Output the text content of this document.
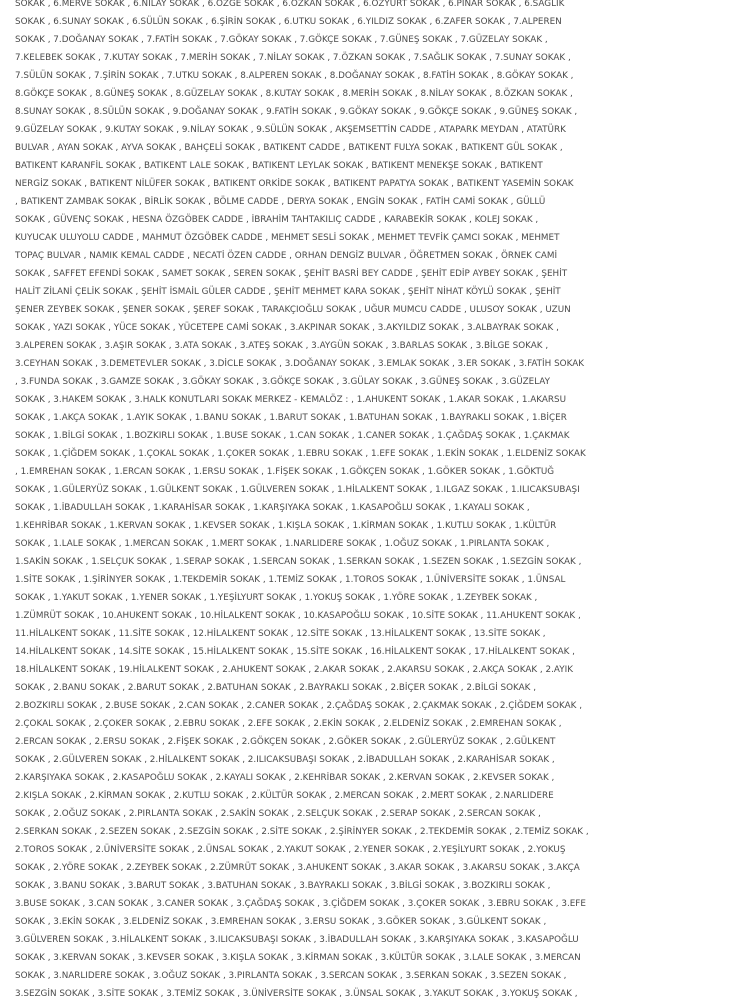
SOKAK , 6.MERVE SOKAK , 6.NİLAY SOKAK , 6.ÖZGE SOKAK , 6.ÖZKAN SOKAK , 6.ÖZYURT SOKAK , 6.PINAR SOKAK , 6.SAĞLIK
SOKAK , 6.SUNAY SOKAK , 6.SÜLÜN SOKAK , 6.ŞİRİN SOKAK , 6.UTKU SOKAK , 6.YILDIZ SOKAK , 6.ZAFER SOKAK , 7.ALPEREN
SOKAK , 7.DOĞANAY SOKAK , 7.FATİH SOKAK , 7.GÖKAY SOKAK , 7.GÖKÇE SOKAK , 7.GÜNEŞ SOKAK , 7.GÜZELAY SOKAK ,
7.KELEBEK SOKAK , 7.KUTAY SOKAK , 7.MERİH SOKAK , 7.NİLAY SOKAK , 7.ÖZKAN SOKAK , 7.SAĞLIK SOKAK , 7.SUNAY SOKAK ,
7.SÜLÜN SOKAK , 7.ŞİRİN SOKAK , 7.UTKU SOKAK , 8.ALPEREN SOKAK , 8.DOĞANAY SOKAK , 8.FATİH SOKAK , 8.GÖKAY SOKAK ,
8.GÖKÇE SOKAK , 8.GÜNEŞ SOKAK , 8.GÜZELAY SOKAK , 8.KUTAY SOKAK , 8.MERİH SOKAK , 8.NİLAY SOKAK , 8.ÖZKAN SOKAK ,
8.SUNAY SOKAK , 8.SÜLÜN SOKAK , 9.DOĞANAY SOKAK , 9.FATİH SOKAK , 9.GÖKAY SOKAK , 9.GÖKÇE SOKAK , 9.GÜNEŞ SOKAK ,
9.GÜZELAY SOKAK , 9.KUTAY SOKAK , 9.NİLAY SOKAK , 9.SÜLÜN SOKAK , AKŞEMSETTİN CADDE , ATAPARK MEYDAN , ATATÜRK
BULVAR , AYAN SOKAK , AYVA SOKAK , BAHÇELİ SOKAK , BATIKENT CADDE , BATIKENT FULYA SOKAK , BATIKENT GÜL SOKAK ,
BATIKENT KARANFİL SOKAK , BATIKENT LALE SOKAK , BATIKENT LEYLAK SOKAK , BATIKENT MENEKŞE SOKAK , BATIKENT
NERGİZ SOKAK , BATIKENT NİLÜFER SOKAK , BATIKENT ORKİDE SOKAK , BATIKENT PAPATYA SOKAK , BATIKENT YASEMİN SOKAK
, BATIKENT ZAMBAK SOKAK , BİRLİK SOKAK , BÖLME CADDE , DERYA SOKAK , ENGİN SOKAK , FATİH CAMİ SOKAK , GÜLLÜ
SOKAK , GÜVENÇ SOKAK , HESNA ÖZGÖBEK CADDE , İBRAHİM TAHTAKILIÇ CADDE , KARABEKİR SOKAK , KOLEJ SOKAK ,
KUYUCAK ULUYOLU CADDE , MAHMUT ÖZGÖBEK CADDE , MEHMET SESLİ SOKAK , MEHMET TEVFİK ÇAMCI SOKAK , MEHMET
TOPAÇ BULVAR , NAMIK KEMAL CADDE , NECATİ ÖZEN CADDE , ORHAN DENGİZ BULVAR , ÖĞRETMEN SOKAK , ÖRNEK CAMİ
SOKAK , SAFFET EFENDİ SOKAK , SAMET SOKAK , SEREN SOKAK , ŞEHİT BASRİ BEY CADDE , ŞEHİT EDİP AYBEY SOKAK , ŞEHİT
HALİT ZİLANİ ÇELİK SOKAK , ŞEHİT İSMAİL GÜLER CADDE , ŞEHİT MEHMET KARA SOKAK , ŞEHİT NİHAT KÖYLÜ SOKAK , ŞEHİT
ŞENER ZEYBEK SOKAK , ŞENER SOKAK , ŞEREF SOKAK , TARAKÇIOĞLU SOKAK , UĞUR MUMCU CADDE , ULUSOY SOKAK , UZUN
SOKAK , YAZI SOKAK , YÜCE SOKAK , YÜCETEPE CAMİ SOKAK , 3.AKPINAR SOKAK , 3.AKYILDIZ SOKAK , 3.ALBAYRAK SOKAK ,
3.ALPEREN SOKAK , 3.AŞIR SOKAK , 3.ATA SOKAK , 3.ATEŞ SOKAK , 3.AYGÜN SOKAK , 3.BARLAS SOKAK , 3.BİLGE SOKAK ,
3.CEYHAN SOKAK , 3.DEMETEVLER SOKAK , 3.DİCLE SOKAK , 3.DOĞANAY SOKAK , 3.EMLAK SOKAK , 3.ER SOKAK , 3.FATİH SOKAK
, 3.FUNDA SOKAK , 3.GAMZE SOKAK , 3.GÖKAY SOKAK , 3.GÖKÇE SOKAK , 3.GÜLAY SOKAK , 3.GÜNEŞ SOKAK , 3.GÜZELAY
SOKAK , 3.HAKEM SOKAK , 3.HALK KONUTLARI SOKAK MERKEZ - KEMALÖZ : , 1.AHUKENT SOKAK , 1.AKAR SOKAK , 1.AKARSU
SOKAK , 1.AKÇA SOKAK , 1.AYIK SOKAK , 1.BANU SOKAK , 1.BARUT SOKAK , 1.BATUHAN SOKAK , 1.BAYRAKLI SOKAK , 1.BİÇER
SOKAK , 1.BİLGİ SOKAK , 1.BOZKIRLI SOKAK , 1.BUSE SOKAK , 1.CAN SOKAK , 1.CANER SOKAK , 1.ÇAĞDAŞ SOKAK , 1.ÇAKMAK
SOKAK , 1.ÇİĞDEM SOKAK , 1.ÇOKAL SOKAK , 1.ÇOKER SOKAK , 1.EBRU SOKAK , 1.EFE SOKAK , 1.EKİN SOKAK , 1.ELDENİZ SOKAK
, 1.EMREHAN SOKAK , 1.ERCAN SOKAK , 1.ERSU SOKAK , 1.FİŞEK SOKAK , 1.GÖKÇEN SOKAK , 1.GÖKER SOKAK , 1.GÖKTUĞ
SOKAK , 1.GÜLERYÜZ SOKAK , 1.GÜLKENT SOKAK , 1.GÜLVEREN SOKAK , 1.HİLALKENT SOKAK , 1.ILGAZ SOKAK , 1.ILICAKSUBAŞI
SOKAK , 1.İBADULLAH SOKAK , 1.KARAHİSAR SOKAK , 1.KARŞIYAKA SOKAK , 1.KASAPOĞLU SOKAK , 1.KAYALI SOKAK ,
1.KEHRİBAR SOKAK , 1.KERVAN SOKAK , 1.KEVSER SOKAK , 1.KIŞLA SOKAK , 1.KİRMAN SOKAK , 1.KUTLU SOKAK , 1.KÜLTÜR
SOKAK , 1.LALE SOKAK , 1.MERCAN SOKAK , 1.MERT SOKAK , 1.NARLIDERE SOKAK , 1.OĞUZ SOKAK , 1.PIRLANTA SOKAK ,
1.SAKİN SOKAK , 1.SELÇUK SOKAK , 1.SERAP SOKAK , 1.SERCAN SOKAK , 1.SERKAN SOKAK , 1.SEZEN SOKAK , 1.SEZGİN SOKAK ,
1.SİTE SOKAK , 1.ŞİRİNYER SOKAK , 1.TEKDEMİR SOKAK , 1.TEMİZ SOKAK , 1.TOROS SOKAK , 1.ÜNİVERSİTE SOKAK , 1.ÜNSAL
SOKAK , 1.YAKUT SOKAK , 1.YENER SOKAK , 1.YEŞİLYURT SOKAK , 1.YOKUŞ SOKAK , 1.YÖRE SOKAK , 1.ZEYBEK SOKAK ,
1.ZÜMRÜT SOKAK , 10.AHUKENT SOKAK , 10.HİLALKENT SOKAK , 10.KASAPOĞLU SOKAK , 10.SİTE SOKAK , 11.AHUKENT SOKAK ,
11.HİLALKENT SOKAK , 11.SİTE SOKAK , 12.HİLALKENT SOKAK , 12.SİTE SOKAK , 13.HİLALKENT SOKAK , 13.SİTE SOKAK ,
14.HİLALKENT SOKAK , 14.SİTE SOKAK , 15.HİLALKENT SOKAK , 15.SİTE SOKAK , 16.HİLALKENT SOKAK , 17.HİLALKENT SOKAK ,
18.HİLALKENT SOKAK , 19.HİLALKENT SOKAK , 2.AHUKENT SOKAK , 2.AKAR SOKAK , 2.AKARSU SOKAK , 2.AKÇA SOKAK , 2.AYIK
SOKAK , 2.BANU SOKAK , 2.BARUT SOKAK , 2.BATUHAN SOKAK , 2.BAYRAKLI SOKAK , 2.BİÇER SOKAK , 2.BİLGİ SOKAK ,
2.BOZKIRLI SOKAK , 2.BUSE SOKAK , 2.CAN SOKAK , 2.CANER SOKAK , 2.ÇAĞDAŞ SOKAK , 2.ÇAKMAK SOKAK , 2.ÇİĞDEM SOKAK ,
2.ÇOKAL SOKAK , 2.ÇOKER SOKAK , 2.EBRU SOKAK , 2.EFE SOKAK , 2.EKİN SOKAK , 2.ELDENİZ SOKAK , 2.EMREHAN SOKAK ,
2.ERCAN SOKAK , 2.ERSU SOKAK , 2.FİŞEK SOKAK , 2.GÖKÇEN SOKAK , 2.GÖKER SOKAK , 2.GÜLERYÜZ SOKAK , 2.GÜLKENT
SOKAK , 2.GÜLVEREN SOKAK , 2.HİLALKENT SOKAK , 2.ILICAKSUBAŞI SOKAK , 2.İBADULLAH SOKAK , 2.KARAHİSAR SOKAK ,
2.KARŞIYAKA SOKAK , 2.KASAPOĞLU SOKAK , 2.KAYALI SOKAK , 2.KEHRİBAR SOKAK , 2.KERVAN SOKAK , 2.KEVSER SOKAK ,
2.KIŞLA SOKAK , 2.KİRMAN SOKAK , 2.KUTLU SOKAK , 2.KÜLTÜR SOKAK , 2.MERCAN SOKAK , 2.MERT SOKAK , 2.NARLIDERE
SOKAK , 2.OĞUZ SOKAK , 2.PIRLANTA SOKAK , 2.SAKİN SOKAK , 2.SELÇUK SOKAK , 2.SERAP SOKAK , 2.SERCAN SOKAK ,
2.SERKAN SOKAK , 2.SEZEN SOKAK , 2.SEZGİN SOKAK , 2.SİTE SOKAK , 2.ŞİRİNYER SOKAK , 2.TEKDEMİR SOKAK , 2.TEMİZ SOKAK ,
2.TOROS SOKAK , 2.ÜNİVERSİTE SOKAK , 2.ÜNSAL SOKAK , 2.YAKUT SOKAK , 2.YENER SOKAK , 2.YEŞİLYURT SOKAK , 2.YOKUŞ
SOKAK , 2.YÖRE SOKAK , 2.ZEYBEK SOKAK , 2.ZÜMRÜT SOKAK , 3.AHUKENT SOKAK , 3.AKAR SOKAK , 3.AKARSU SOKAK , 3.AKÇA
SOKAK , 3.BANU SOKAK , 3.BARUT SOKAK , 3.BATUHAN SOKAK , 3.BAYRAKLI SOKAK , 3.BİLGİ SOKAK , 3.BOZKIRLI SOKAK ,
3.BUSE SOKAK , 3.CAN SOKAK , 3.CANER SOKAK , 3.ÇAĞDAŞ SOKAK , 3.ÇİĞDEM SOKAK , 3.ÇOKER SOKAK , 3.EBRU SOKAK , 3.EFE
SOKAK , 3.EKİN SOKAK , 3.ELDENİZ SOKAK , 3.EMREHAN SOKAK , 3.ERSU SOKAK , 3.GÖKER SOKAK , 3.GÜLKENT SOKAK ,
3.GÜLVEREN SOKAK , 3.HİLALKENT SOKAK , 3.ILICAKSUBAŞI SOKAK , 3.İBADULLAH SOKAK , 3.KARŞIYAKA SOKAK , 3.KASAPOĞLU
SOKAK , 3.KERVAN SOKAK , 3.KEVSER SOKAK , 3.KIŞLA SOKAK , 3.KİRMAN SOKAK , 3.KÜLTÜR SOKAK , 3.LALE SOKAK , 3.MERCAN
SOKAK , 3.NARLIDERE SOKAK , 3.OĞUZ SOKAK , 3.PIRLANTA SOKAK , 3.SERCAN SOKAK , 3.SERKAN SOKAK , 3.SEZEN SOKAK ,
3.SEZGİN SOKAK , 3.SİTE SOKAK , 3.TEMİZ SOKAK , 3.ÜNİVERSİTE SOKAK , 3.ÜNSAL SOKAK , 3.YAKUT SOKAK , 3.YOKUŞ SOKAK ,
